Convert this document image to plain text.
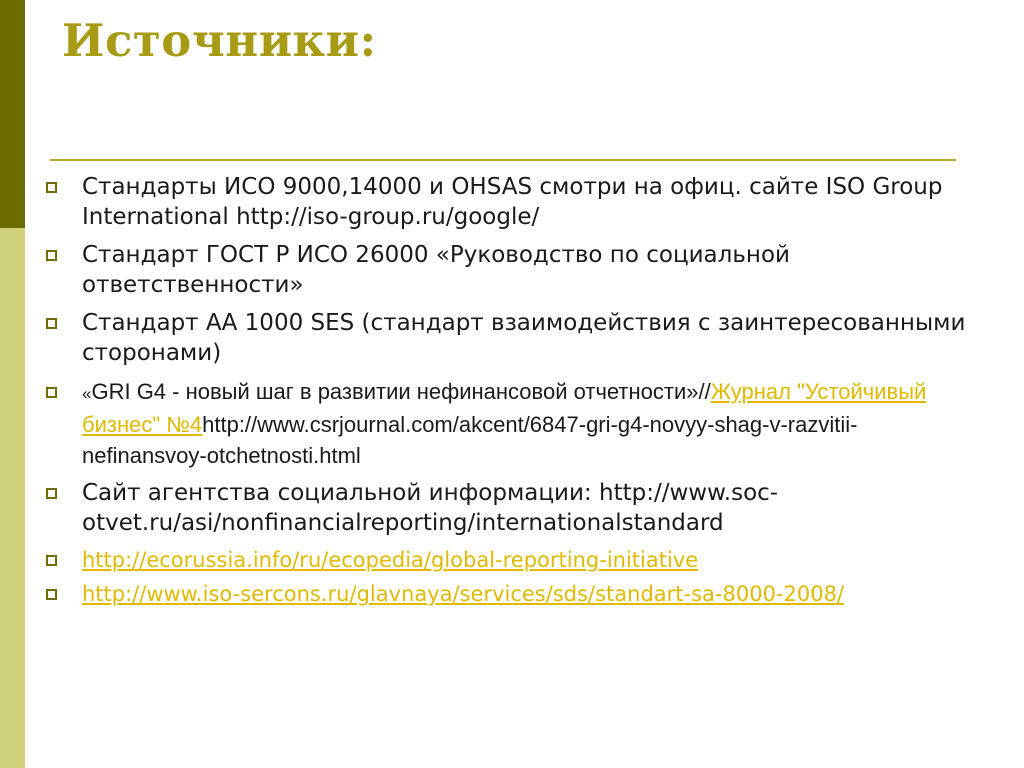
Источники:
Стандарты ИСО 9000,14000 и OHSAS смотри на офиц. сайте ISO Group International http://iso-group.ru/google/
Стандарт ГОСТ Р ИСО 26000 «Руководство по социальной ответственности»
Стандарт АА 1000 SES (стандарт взаимодействия с заинтересованными сторонами)
«GRI G4 - новый шаг в развитии нефинансовой отчетности»//Журнал "Устойчивый бизнес" №4http://www.csrjournal.com/akcent/6847-gri-g4-novyy-shag-v-razvitii-nefinansvoy-otchetnosti.html
Сайт агентства социальной информации: http://www.soc-otvet.ru/asi/nonfinancialreporting/internationalstandard
http://ecorussia.info/ru/ecopedia/global-reporting-initiative
http://www.iso-sercons.ru/glavnaya/services/sds/standart-sa-8000-2008/
